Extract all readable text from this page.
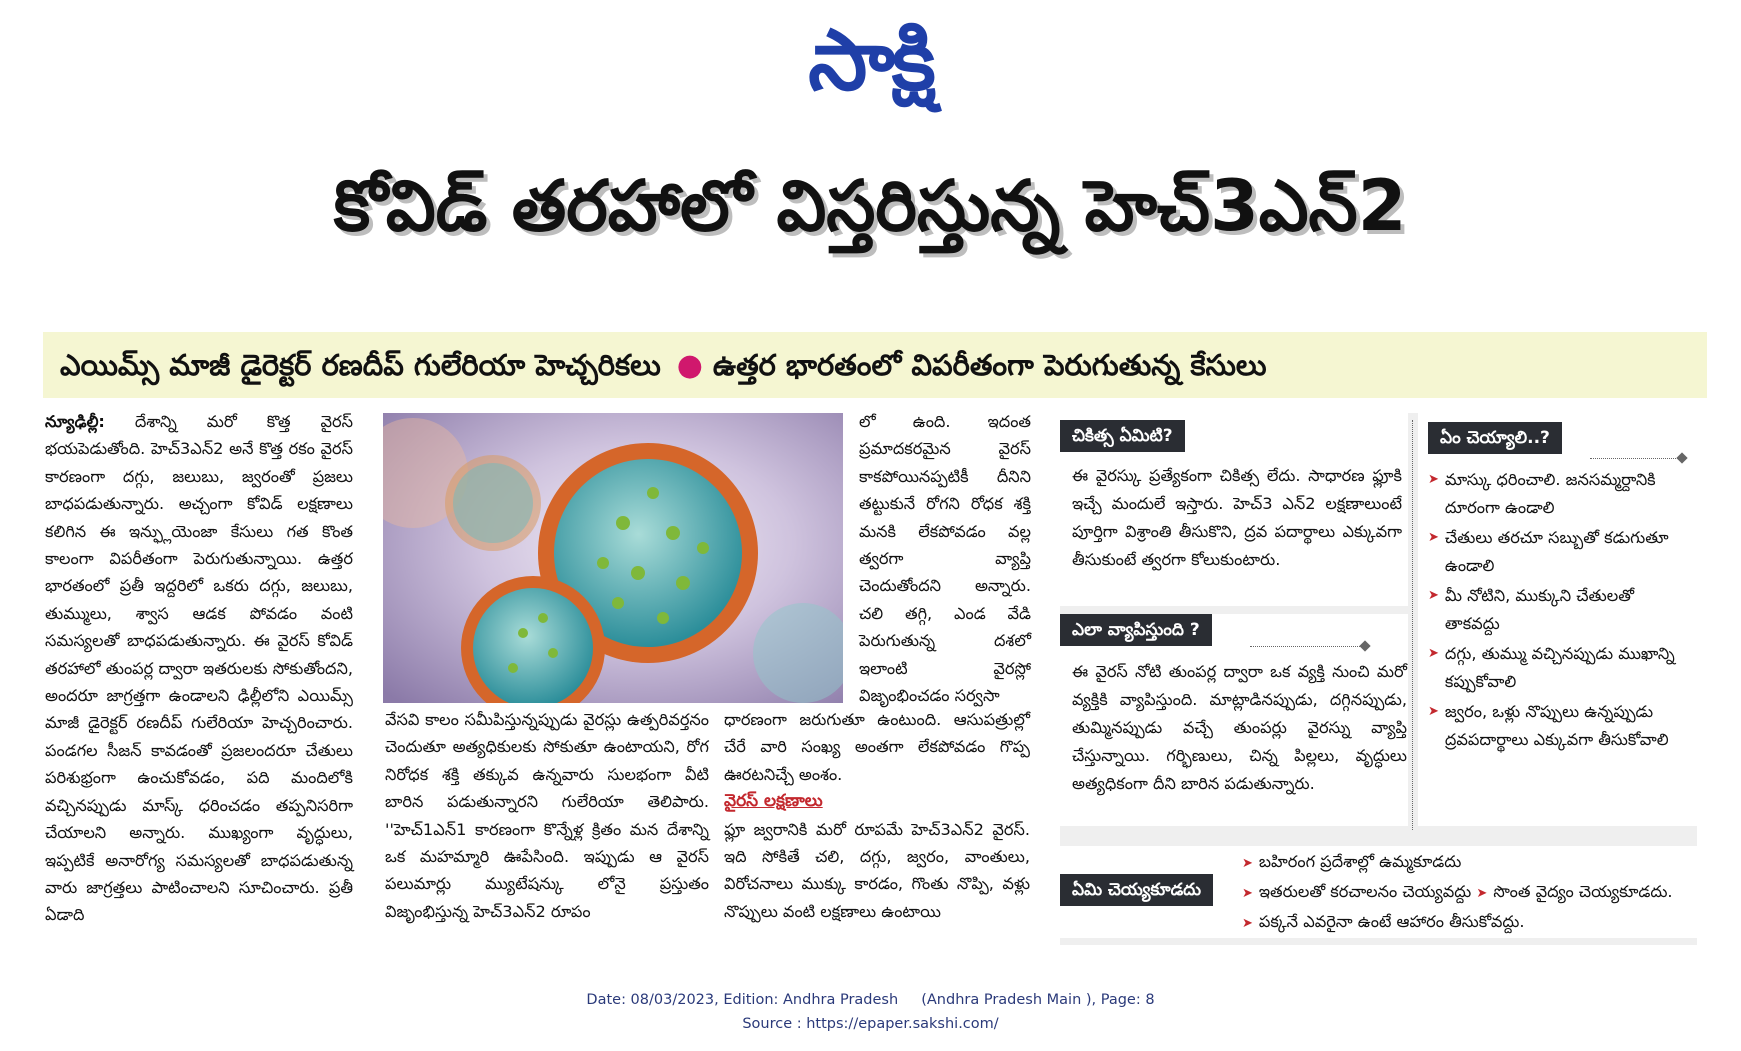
సాక్షి
కోవిడ్ తరహాలో విస్తరిస్తున్న హెచ్3ఎన్2
ఎయిమ్స్ మాజీ డైరెక్టర్ రణదీప్ గులేరియా హెచ్చరికలు ● ఉత్తర భారతంలో విపరీతంగా పెరుగుతున్న కేసులు

న్యూఢిల్లీ: దేశాన్ని మరో కొత్త వైరస్ భయపెడుతోంది. హెచ్3ఎన్2 అనే కొత్త రకం వైరస్ కారణంగా దగ్గు, జలుబు, జ్వరంతో ప్రజలు బాధపడుతున్నారు. అచ్చంగా కోవిడ్ లక్షణాలు కలిగిన ఈ ఇన్ఫ్లుయెంజా కేసులు గత కొంత కాలంగా విపరీతంగా పెరుగుతున్నాయి. ఉత్తర భారతంలో ప్రతీ ఇద్దరిలో ఒకరు దగ్గు, జలుబు, తుమ్ములు, శ్వాస ఆడక పోవడం వంటి సమస్యలతో బాధపడుతున్నారు. ఈ వైరస్ కోవిడ్ తరహాలో తుంపర్ల ద్వారా ఇతరులకు సోకుతోందని, అందరూ జాగ్రత్తగా ఉండాలని ఢిల్లీలోని ఎయిమ్స్ మాజీ డైరెక్టర్ రణదీప్ గులేరియా హెచ్చరించారు. పండగల సీజన్ కావడంతో ప్రజలందరూ చేతులు పరిశుభ్రంగా ఉంచుకోవడం, పది మందిలోకి వచ్చినప్పుడు మాస్క్ ధరించడం తప్పనిసరిగా చేయాలని అన్నారు. ముఖ్యంగా వృద్ధులు, ఇప్పటికే అనారోగ్య సమస్యలతో బాధపడుతున్న వారు జాగ్రత్తలు పాటించాలని సూచించారు. ప్రతీ ఏడాది

వేసవి కాలం సమీపిస్తున్నప్పుడు వైరస్లు ఉత్పరివర్తనం చెందుతూ అత్యధికులకు సోకుతూ ఉంటాయని, రోగ నిరోధక శక్తి తక్కువ ఉన్నవారు సులభంగా వీటి బారిన పడుతున్నారని గులేరియా తెలిపారు. ''హెచ్1ఎన్1 కారణంగా కొన్నేళ్ల క్రితం మన దేశాన్ని ఒక మహమ్మారి ఊపేసింది. ఇప్పుడు ఆ వైరస్ పలుమార్లు మ్యుటేషన్కు లోనై ప్రస్తుతం విజృంభిస్తున్న హెచ్3ఎన్2 రూపం

లో ఉంది. ఇదంత ప్రమాదకరమైన వైరస్ కాకపోయినప్పటికీ దీనిని తట్టుకునే రోగని రోధక శక్తి మనకి లేకపోవడం వల్ల త్వరగా వ్యాప్తి చెందుతోందని అన్నారు. చలి తగ్గి, ఎండ వేడి పెరుగుతున్న దశలో ఇలాంటి వైరస్లో విజృంభించడం సర్వసా

ధారణంగా జరుగుతూ ఉంటుంది. ఆసుపత్రుల్లో చేరే వారి సంఖ్య అంతగా లేకపోవడం గొప్ప ఊరటనిచ్చే అంశం.

వైరస్ లక్షణాలు

ఫ్లూ జ్వరానికి మరో రూపమే హెచ్3ఎన్2 వైరస్. ఇది సోకితే చలి, దగ్గు, జ్వరం, వాంతులు, విరోచనాలు ముక్కు కారడం, గొంతు నొప్పి, వళ్లు నొప్పులు వంటి లక్షణాలు ఉంటాయి

చికిత్స ఏమిటి?
ఈ వైరస్కు ప్రత్యేకంగా చికిత్స లేదు. సాధారణ ఫ్లూకి ఇచ్చే మందులే ఇస్తారు. హెచ్3 ఎన్2 లక్షణాలుంటే పూర్తిగా విశ్రాంతి తీసుకొని, ద్రవ పదార్థాలు ఎక్కువగా తీసుకుంటే త్వరగా కోలుకుంటారు.
ఎలా వ్యాపిస్తుంది ?
ఈ వైరస్ నోటి తుంపర్ల ద్వారా ఒక వ్యక్తి నుంచి మరో వ్యక్తికి వ్యాపిస్తుంది. మాట్లాడినప్పుడు, దగ్గినప్పుడు, తుమ్మినప్పుడు వచ్చే తుంపర్లు వైరస్ను వ్యాప్తి చేస్తున్నాయి. గర్భిణులు, చిన్న పిల్లలు, వృద్ధులు అత్యధికంగా దీని బారిన పడుతున్నారు.
ఏం చెయ్యాలి..?
➤ మాస్కు ధరించాలి. జనసమ్మర్దానికి దూరంగా ఉండాలి
➤ చేతులు తరచూ సబ్బుతో కడుగుతూ ఉండాలి
➤ మీ నోటిని, ముక్కుని చేతులతో తాకవద్దు
➤ దగ్గు, తుమ్ము వచ్చినప్పుడు ముఖాన్ని కప్పుకోవాలి
➤ జ్వరం, ఒళ్లు నొప్పులు ఉన్నప్పుడు ద్రవపదార్థాలు ఎక్కువగా తీసుకోవాలి
ఏమి చెయ్యకూడదు
➤ బహిరంగ ప్రదేశాల్లో ఉమ్మకూడదు
➤ ఇతరులతో కరచాలనం చెయ్యవద్దు ➤ సొంత వైద్యం చెయ్యకూడదు. ➤ పక్కనే ఎవరైనా ఉంటే ఆహారం తీసుకోవద్దు.
Date: 08/03/2023, Edition: Andhra Pradesh     (Andhra Pradesh Main ), Page: 8
Source : https://epaper.sakshi.com/
